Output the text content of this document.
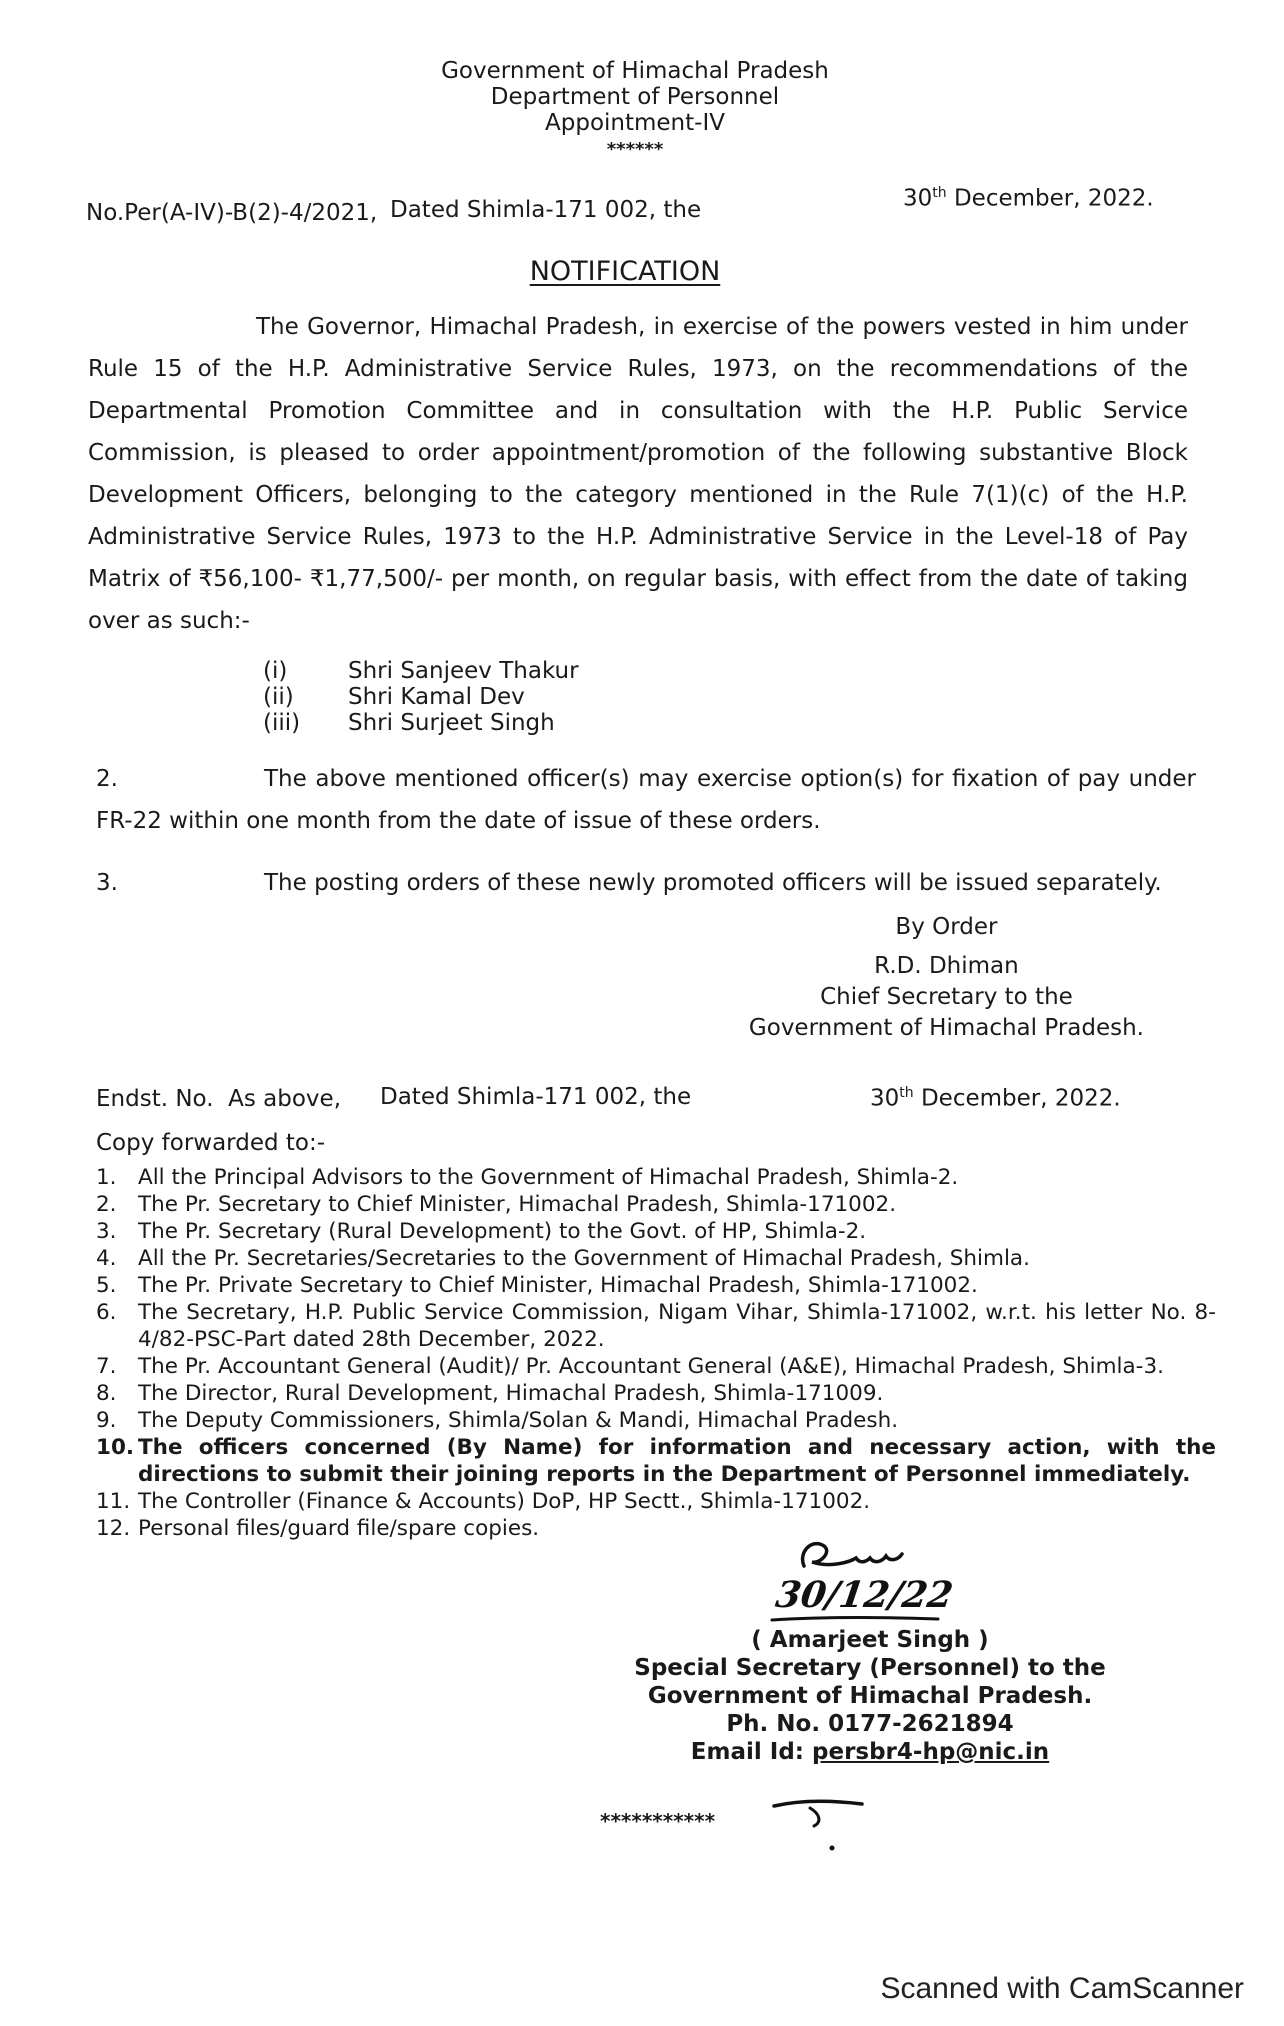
Government of Himachal Pradesh
Department of Personnel
Appointment-IV
******
No.Per(A-IV)-B(2)-4/2021, Dated Shimla-171 002, the	30th December, 2022.
NOTIFICATION
The Governor, Himachal Pradesh, in exercise of the powers vested in him under Rule 15 of the H.P. Administrative Service Rules, 1973, on the recommendations of the Departmental Promotion Committee and in consultation with the H.P. Public Service Commission, is pleased to order appointment/promotion of the following substantive Block Development Officers, belonging to the category mentioned in the Rule 7(1)(c) of the H.P. Administrative Service Rules, 1973 to the H.P. Administrative Service in the Level-18 of Pay Matrix of ₹56,100- ₹1,77,500/- per month, on regular basis, with effect from the date of taking over as such:-
(i)	Shri Sanjeev Thakur
(ii)	Shri Kamal Dev
(iii)	Shri Surjeet Singh
2.	The above mentioned officer(s) may exercise option(s) for fixation of pay under FR-22 within one month from the date of issue of these orders.
3.	The posting orders of these newly promoted officers will be issued separately.
By Order
R.D. Dhiman
Chief Secretary to the
Government of Himachal Pradesh.
Endst. No.  As above, Dated Shimla-171 002, the	30th December, 2022.
Copy forwarded to:-
1. All the Principal Advisors to the Government of Himachal Pradesh, Shimla-2.
2. The Pr. Secretary to Chief Minister, Himachal Pradesh, Shimla-171002.
3. The Pr. Secretary (Rural Development) to the Govt. of HP, Shimla-2.
4. All the Pr. Secretaries/Secretaries to the Government of Himachal Pradesh, Shimla.
5. The Pr. Private Secretary to Chief Minister, Himachal Pradesh, Shimla-171002.
6. The Secretary, H.P. Public Service Commission, Nigam Vihar, Shimla-171002, w.r.t. his letter No. 8-4/82-PSC-Part dated 28th December, 2022.
7. The Pr. Accountant General (Audit)/ Pr. Accountant General (A&E), Himachal Pradesh, Shimla-3.
8. The Director, Rural Development, Himachal Pradesh, Shimla-171009.
9. The Deputy Commissioners, Shimla/Solan & Mandi, Himachal Pradesh.
10. The officers concerned (By Name) for information and necessary action, with the directions to submit their joining reports in the Department of Personnel immediately.
11. The Controller (Finance & Accounts) DoP, HP Sectt., Shimla-171002.
12. Personal files/guard file/spare copies.
30/12/22
( Amarjeet Singh )
Special Secretary (Personnel) to the
Government of Himachal Pradesh.
Ph. No. 0177-2621894
Email Id: persbr4-hp@nic.in
***********
Scanned with CamScanner
